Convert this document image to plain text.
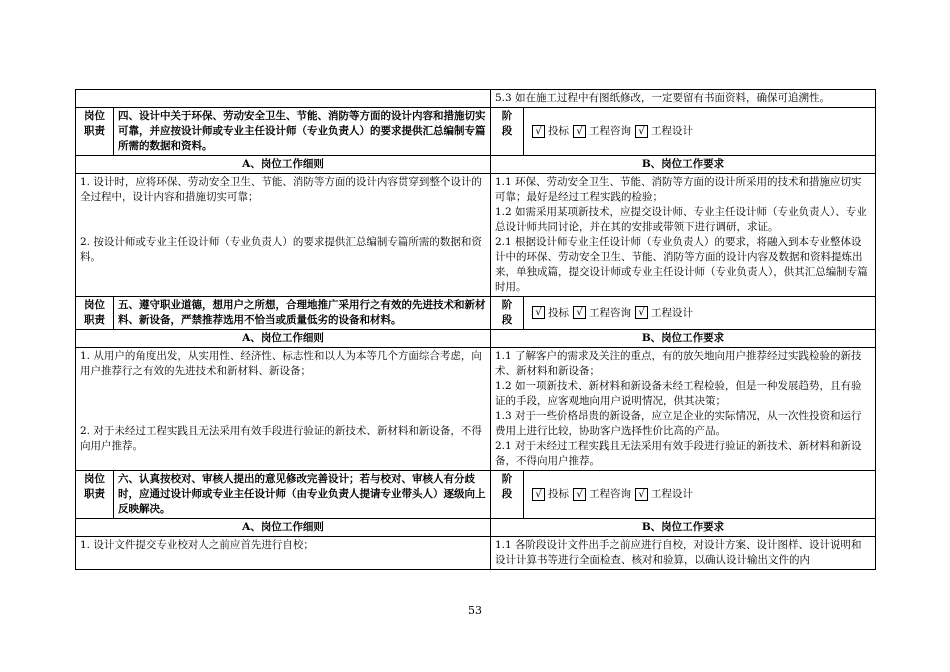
		5.3 如在施工过程中有图纸修改，一定要留有书面资料，确保可追溯性。	

岗位
职责	四、设计中关于环保、劳动安全卫生、节能、消防等方面的设计内容和措施切实可靠，并应按设计师或专业主任设计师（专业负责人）的要求提供汇总编制专篇所需的数据和资料。	阶
段	√ 投标 √ 工程咨询 √ 工程设计
A、岗位工作细则		B、岗位工作要求	

1. 设计时，应将环保、劳动安全卫生、节能、消防等方面的设计内容贯穿到整个设计的全过程中，设计内容和措施切实可靠；
2. 按设计师或专业主任设计师（专业负责人）的要求提供汇总编制专篇所需的数据和资料。		1.1 环保、劳动安全卫生、节能、消防等方面的设计所采用的技术和措施应切实可靠；最好是经过工程实践的检验；
1.2 如需采用某项新技术，应提交设计师、专业主任设计师（专业负责人）、专业总设计师共同讨论，并在其的安排或带领下进行调研，求证。
2.1 根据设计师专业主任设计师（专业负责人）的要求，将融入到本专业整体设计中的环保、劳动安全卫生、节能、消防等方面的设计内容及数据和资料提炼出来，单独成篇，提交设计师或专业主任设计师（专业负责人），供其汇总编制专篇时用。	

岗位
职责	五、遵守职业道德，想用户之所想，合理地推广采用行之有效的先进技术和新材料、新设备，严禁推荐选用不恰当或质量低劣的设备和材料。	阶
段	√ 投标 √ 工程咨询 √ 工程设计
A、岗位工作细则		B、岗位工作要求	

1. 从用户的角度出发，从实用性、经济性、标志性和以人为本等几个方面综合考虑，向用户推荐行之有效的先进技术和新材料、新设备；
2. 对于未经过工程实践且无法采用有效手段进行验证的新技术、新材料和新设备，不得向用户推荐。		1.1 了解客户的需求及关注的重点，有的放矢地向用户推荐经过实践检验的新技术、新材料和新设备；
1.2 如一项新技术、新材料和新设备未经工程检验，但是一种发展趋势，且有验证的手段，应客观地向用户说明情况，供其决策；
1.3 对于一些价格昂贵的新设备，应立足企业的实际情况，从一次性投资和运行费用上进行比较，协助客户选择性价比高的产品。
2.1 对于未经过工程实践且无法采用有效手段进行验证的新技术、新材料和新设备，不得向用户推荐。	

岗位
职责	六、认真按校对、审核人提出的意见修改完善设计；若与校对、审核人有分歧时，应通过设计师或专业主任设计师（由专业负责人提请专业带头人）逐级向上反映解决。	阶
段	√ 投标 √ 工程咨询 √ 工程设计
A、岗位工作细则		B、岗位工作要求	

1. 设计文件提交专业校对人之前应首先进行自校；		1.1 各阶段设计文件出手之前应进行自校，对设计方案、设计图样、设计说明和设计计算书等进行全面检查、核对和验算，以确认设计输出文件的内	
53
